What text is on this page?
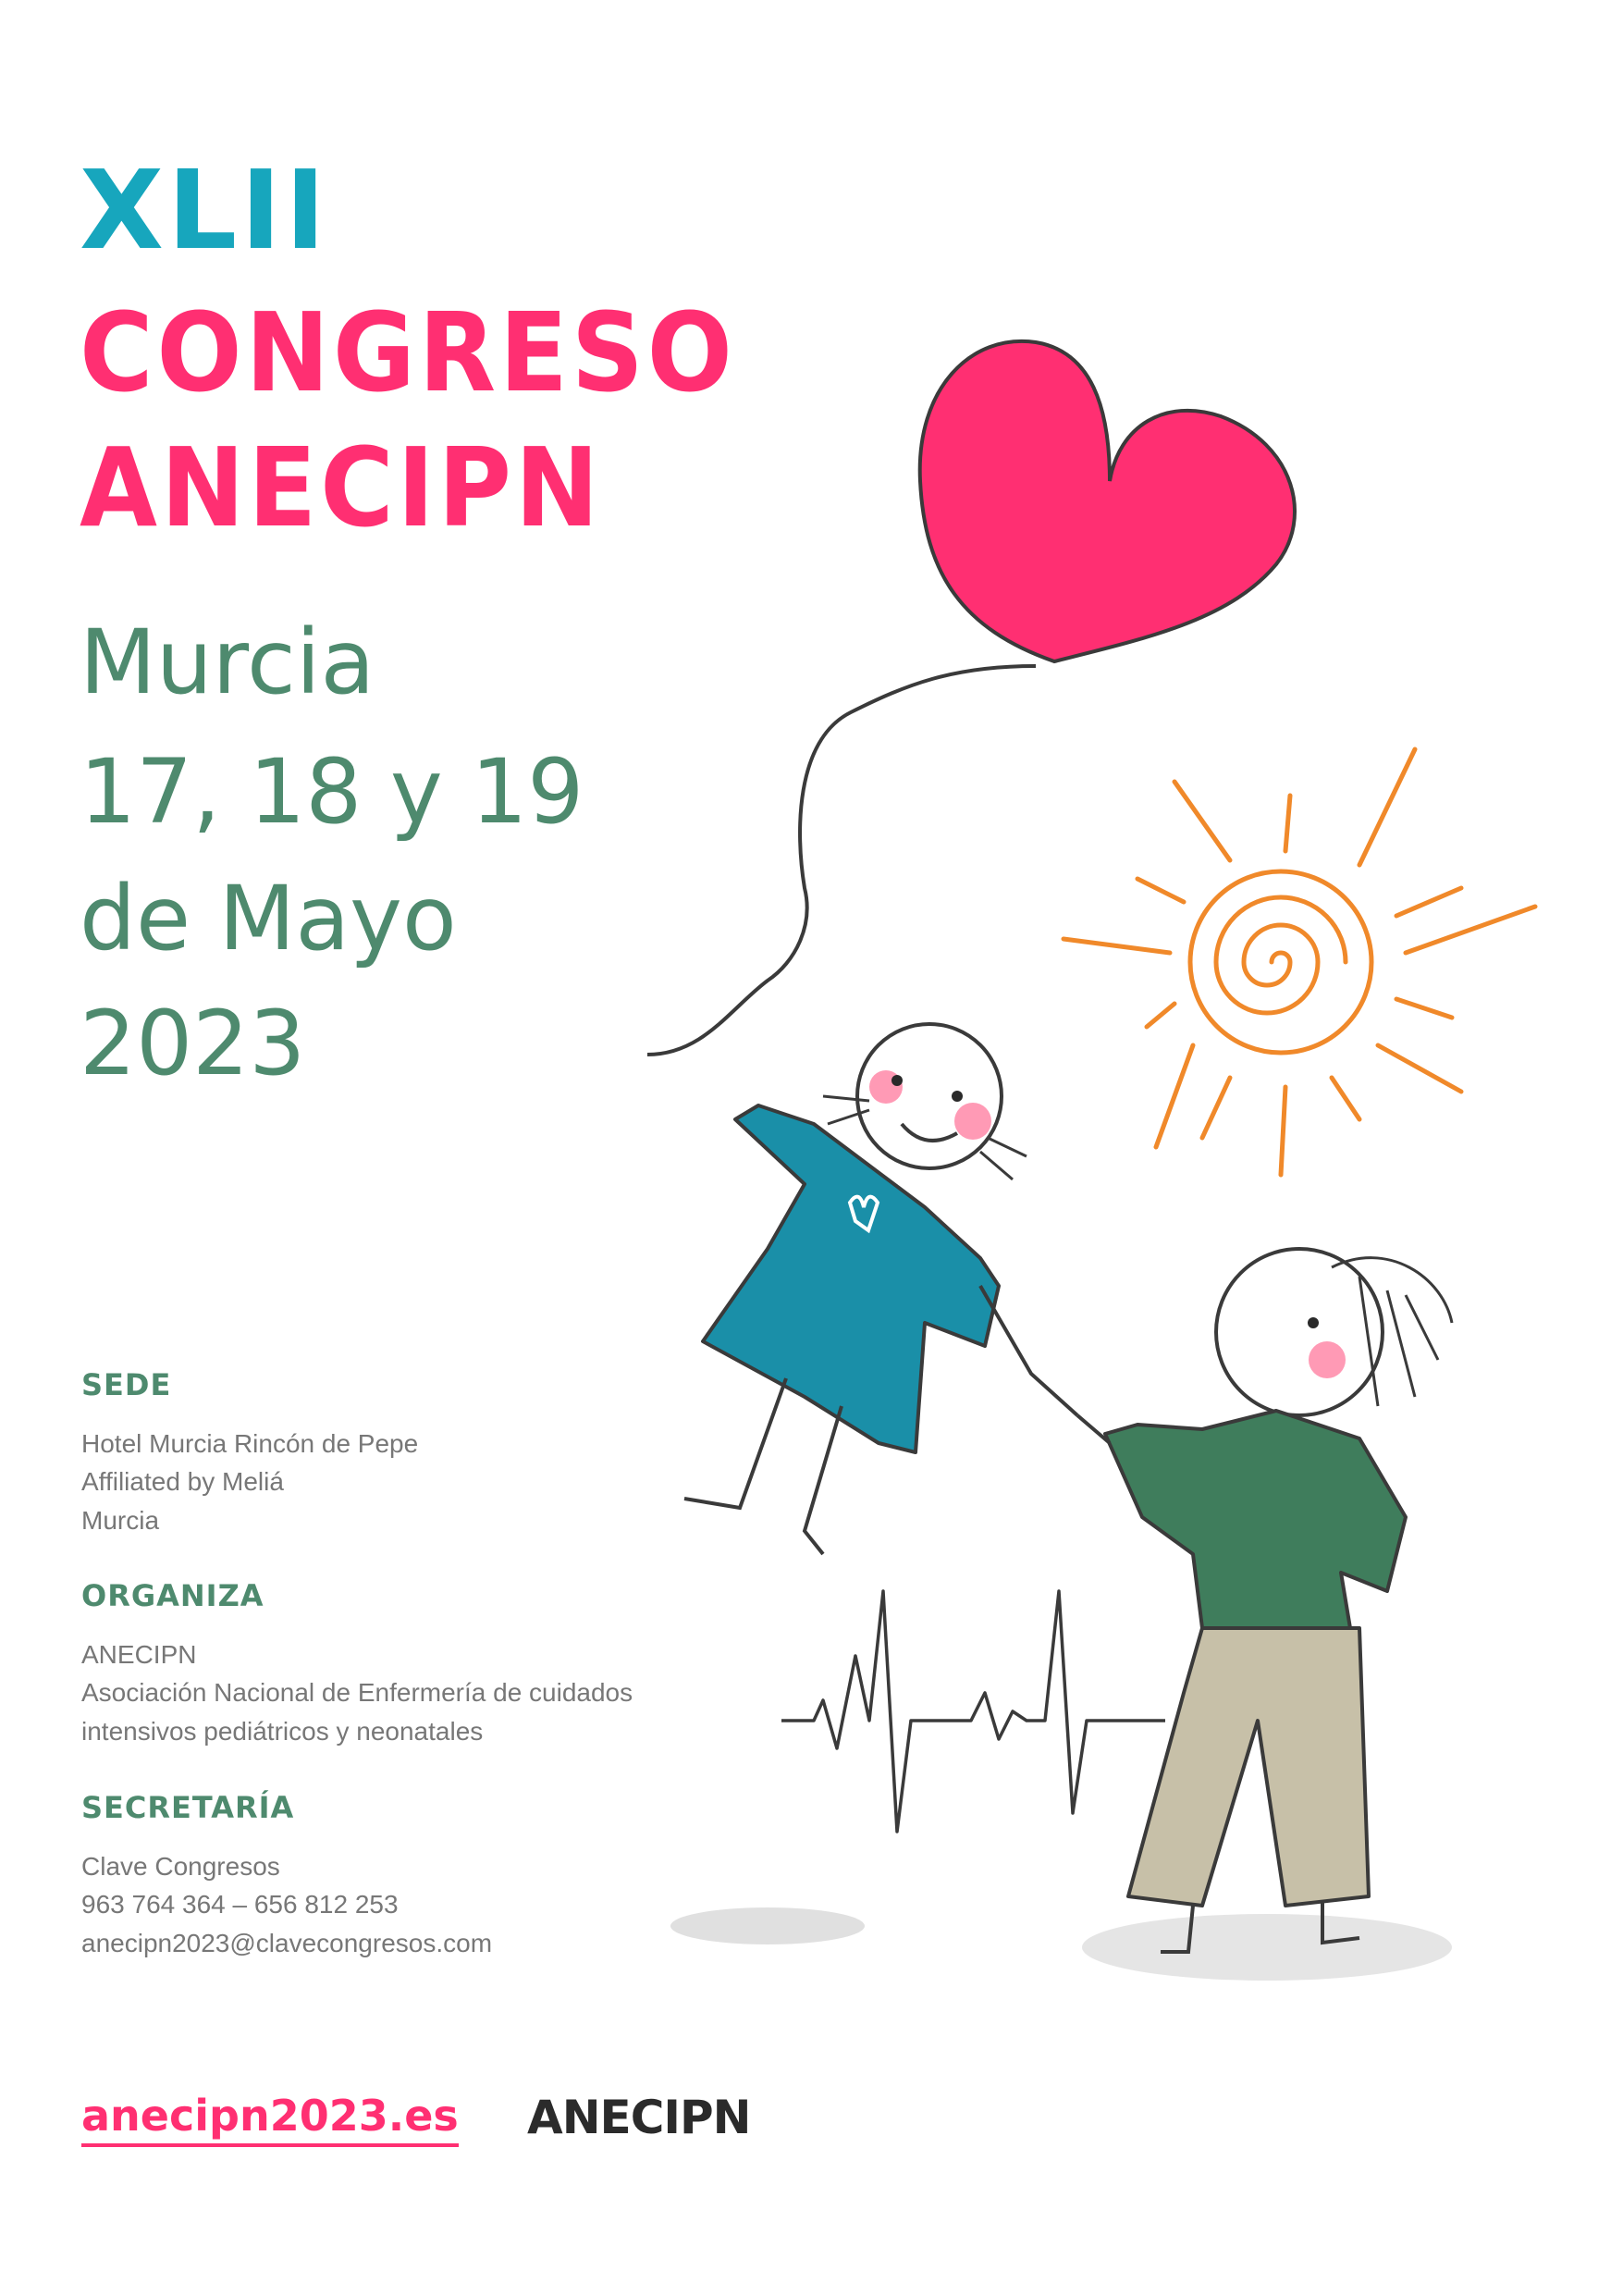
XLII
CONGRESO
ANECIPN

Murcia

17, 18 y 19

de Mayo

2023

SEDE

Hotel Murcia Rincón de Pepe

Affiliated by Meliá

Murcia

ORGANIZA

ANECIPN

Asociación Nacional de Enfermería de cuidados

intensivos pediátricos y neonatales

SECRETARÍA

Clave Congresos

963 764 364 – 656 812 253

anecipn2023@clavecongresos.com

anecipn2023.es ANECIPN
